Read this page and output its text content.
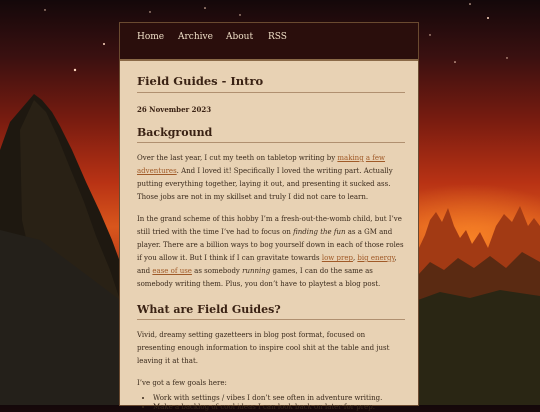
Home Archive About RSS
Field Guides - Intro
26 November 2023
Background

Over the last year, I cut my teeth on tabletop writing by making a few adventures. And I loved it! Specifically I loved the writing part. Actually putting everything together, laying it out, and presenting it sucked ass. Those jobs are not in my skillset and truly I did not care to learn.

In the grand scheme of this hobby I’m a fresh-out-the-womb child, but I’ve still tried with the time I’ve had to focus on finding the fun as a GM and player. There are a billion ways to bog yourself down in each of those roles if you allow it. But I think if I can gravitate towards low prep, big energy, and ease of use as somebody running games, I can do the same as somebody writing them. Plus, you don’t have to playtest a blog post.

What are Field Guides?

Vivid, dreamy setting gazetteers in blog post format, focused on presenting enough information to inspire cool shit at the table and just leaving it at that.

I’ve got a few goals here:

• Work with settings / vibes I don’t see often in adventure writing.
• Make a backlog of cool ideas I can look back on later for prep.
